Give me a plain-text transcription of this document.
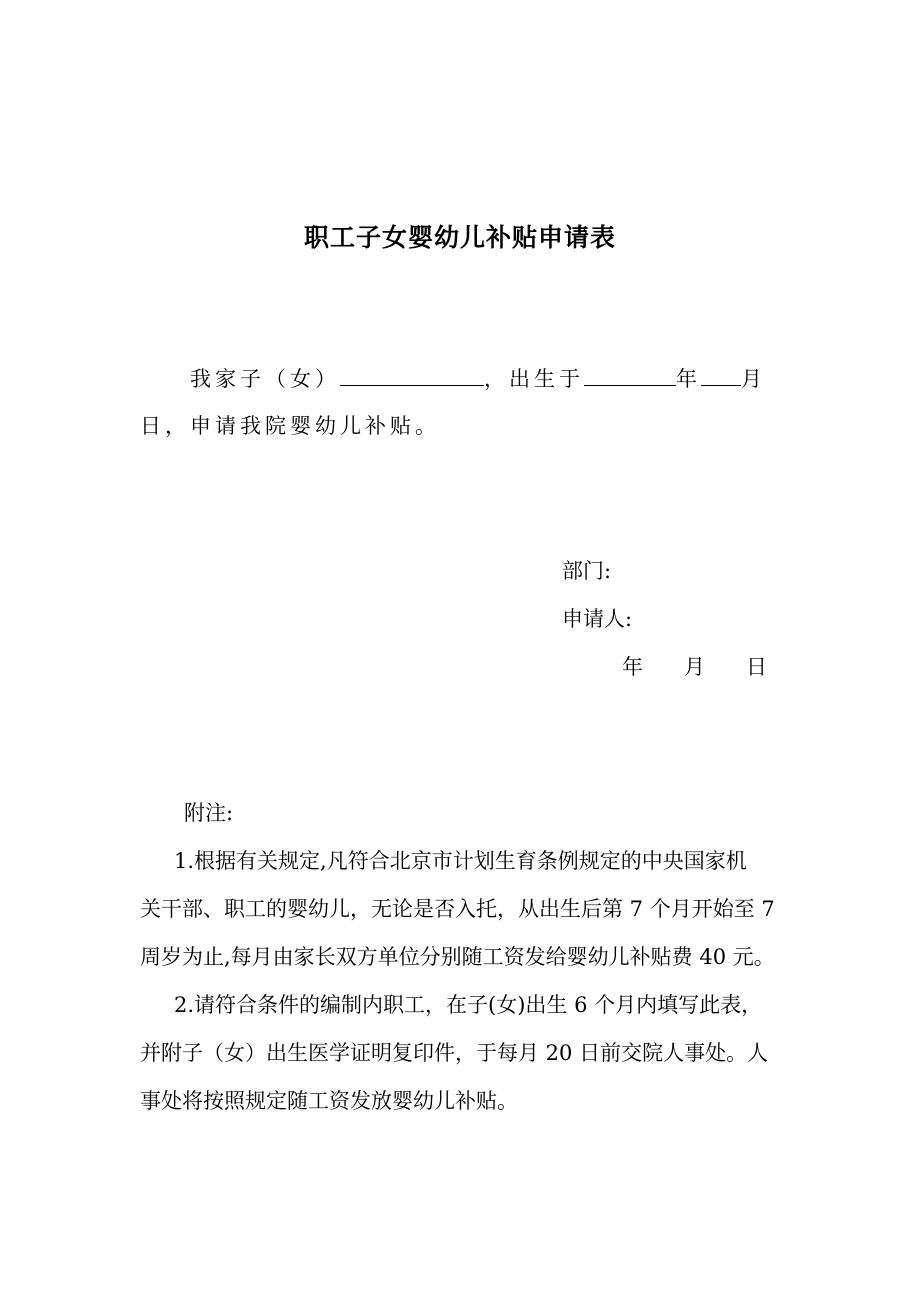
职工子女婴幼儿补贴申请表
我家子（女）	，出生于	年 月
日，申请我院婴幼儿补贴。
部门:
申请人:
年 月 日
附注:
1.根据有关规定,凡符合北京市计划生育条例规定的中央国家机
关干部、职工的婴幼儿，无论是否入托，从出生后第 7 个月开始至 7
周岁为止,每月由家长双方单位分别随工资发给婴幼儿补贴费 40 元。
2.请符合条件的编制内职工，在子(女)出生 6 个月内填写此表，
并附子（女）出生医学证明复印件，于每月 20 日前交院人事处。人
事处将按照规定随工资发放婴幼儿补贴。
